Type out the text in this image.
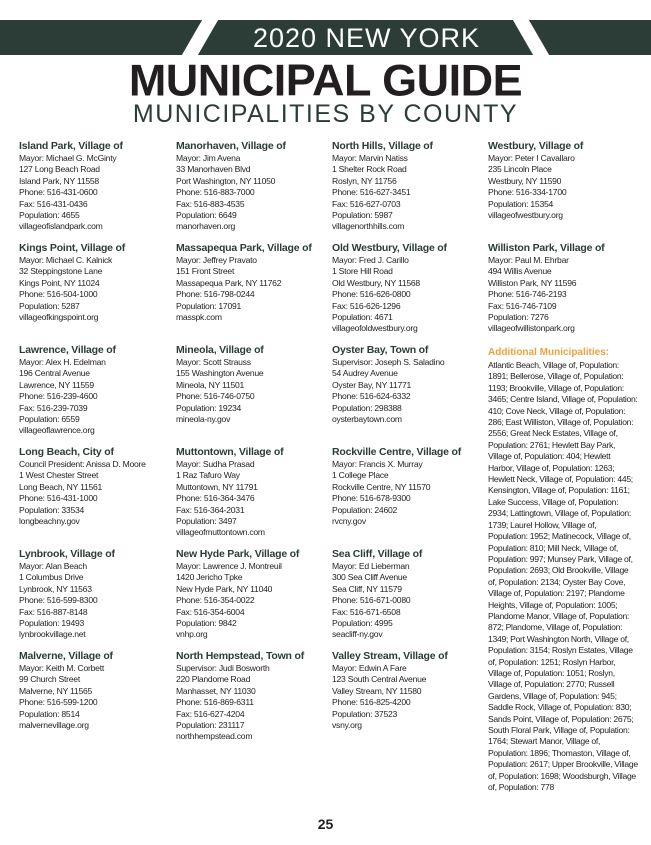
2020 NEW YORK
MUNICIPAL GUIDE
MUNICIPALITIES BY COUNTY
Island Park, Village of
Mayor: Michael G. McGinty
127 Long Beach Road
Island Park, NY 11558
Phone: 516-431-0600
Fax: 516-431-0436
Population: 4655
villageofislandpark.com
Kings Point, Village of
Mayor: Michael C. Kalnick
32 Steppingstone Lane
Kings Point, NY 11024
Phone: 516-504-1000
Population: 5287
villageofkingspoint.org
Lawrence, Village of
Mayor: Alex H. Edelman
196 Central Avenue
Lawrence, NY 11559
Phone: 516-239-4600
Fax: 516-239-7039
Population: 6559
villageoflawrence.org
Long Beach, City of
Council President: Anissa D. Moore
1 West Chester Street
Long Beach, NY 11561
Phone: 516-431-1000
Population: 33534
longbeachny.gov
Lynbrook, Village of
Mayor: Alan Beach
1 Columbus Drive
Lynbrook, NY 11563
Phone: 516-599-8300
Fax: 516-887-8148
Population: 19493
lynbrookvillage.net
Malverne, Village of
Mayor: Keith M. Corbett
99 Church Street
Malverne, NY 11565
Phone: 516-599-1200
Population: 8514
malvernevillage.org
Manorhaven, Village of
Mayor: Jim Avena
33 Manorhaven Blvd
Port Washington, NY 11050
Phone: 516-883-7000
Fax: 516-883-4535
Population: 6649
manorhaven.org
Massapequa Park, Village of
Mayor: Jeffrey Pravato
151 Front Street
Massapequa Park, NY 11762
Phone: 516-798-0244
Population: 17091
masspk.com
Mineola, Village of
Mayor: Scott Strauss
155 Washington Avenue
Mineola, NY 11501
Phone: 516-746-0750
Population: 19234
mineola-ny.gov
Muttontown, Village of
Mayor: Sudha Prasad
1 Raz Tafuro Way
Muttontown, NY 11791
Phone: 516-364-3476
Fax: 516-364-2031
Population: 3497
villageofmuttontown.com
New Hyde Park, Village of
Mayor: Lawrence J. Montreuil
1420 Jericho Tpke
New Hyde Park, NY 11040
Phone: 516-354-0022
Fax: 516-354-6004
Population: 9842
vnhp.org
North Hempstead, Town of
Supervisor: Judi Bosworth
220 Plandome Road
Manhasset, NY 11030
Phone: 516-869-6311
Fax: 516-627-4204
Population: 231117
northhempstead.com
North Hills, Village of
Mayor: Marvin Natiss
1 Shelter Rock Road
Roslyn, NY 11756
Phone: 516-627-3451
Fax: 516-627-0703
Population: 5987
villagenorthhills.com
Old Westbury, Village of
Mayor: Fred J. Carillo
1 Store Hill Road
Old Westbury, NY 11568
Phone: 516-626-0800
Fax: 516-626-1296
Population: 4671
villageofoldwestbury.org
Oyster Bay, Town of
Supervisor: Joseph S. Saladino
54 Audrey Avenue
Oyster Bay, NY 11771
Phone: 516-624-6332
Population: 298388
oysterbaytown.com
Rockville Centre, Village of
Mayor: Francis X. Murray
1 College Place
Rockville Centre, NY 11570
Phone: 516-678-9300
Population: 24602
rvcny.gov
Sea Cliff, Village of
Mayor: Ed Lieberman
300 Sea Cliff Avenue
Sea Cliff, NY 11579
Phone: 516-671-0080
Fax: 516-671-6508
Population: 4995
seacliff-ny.gov
Valley Stream, Village of
Mayor: Edwin A Fare
123 South Central Avenue
Valley Stream, NY 11580
Phone: 516-825-4200
Population: 37523
vsny.org
Additional Municipalities:
Atlantic Beach, Village of, Population: 1891; Bellerose, Village of, Population: 1193; Brookville, Village of, Population: 3465; Centre Island, Village of, Population: 410; Cove Neck, Village of, Population: 286; East Williston, Village of, Population: 2556; Great Neck Estates, Village of, Population: 2761; Hewlett Bay Park, Village of, Population: 404; Hewlett Harbor, Village of, Population: 1263; Hewlett Neck, Village of, Population: 445; Kensington, Village of, Population: 1161; Lake Success, Village of, Population: 2934; Lattingtown, Village of, Population: 1739; Laurel Hollow, Village of, Population: 1952; Matinecock, Village of, Population: 810; Mill Neck, Village of, Population: 997; Munsey Park, Village of, Population: 2693; Old Brookville, Village of, Population: 2134; Oyster Bay Cove, Village of, Population: 2197; Plandome Heights, Village of, Population: 1005; Plandome Manor, Village of, Population: 872; Plandome, Village of, Population: 1349; Port Washington North, Village of, Population: 3154; Roslyn Estates, Village of, Population: 1251; Roslyn Harbor, Village of, Population: 1051; Roslyn, Village of, Population: 2770; Russell Gardens, Village of, Population: 945; Saddle Rock, Village of, Population: 830; Sands Point, Village of, Population: 2675; South Floral Park, Village of, Population: 1764; Stewart Manor, Village of, Population: 1896; Thomaston, Village of, Population: 2617; Upper Brookville, Village of, Population: 1698; Woodsburgh, Village of, Population: 778
Westbury, Village of
Mayor: Peter I Cavallaro
235 Lincoln Place
Westbury, NY 11590
Phone: 516-334-1700
Population: 15354
villageofwestbury.org
Williston Park, Village of
Mayor: Paul M. Ehrbar
494 Willis Avenue
Williston Park, NY 11596
Phone: 516-746-2193
Fax: 516-746-7109
Population: 7276
villageofwillistonpark.org
25
